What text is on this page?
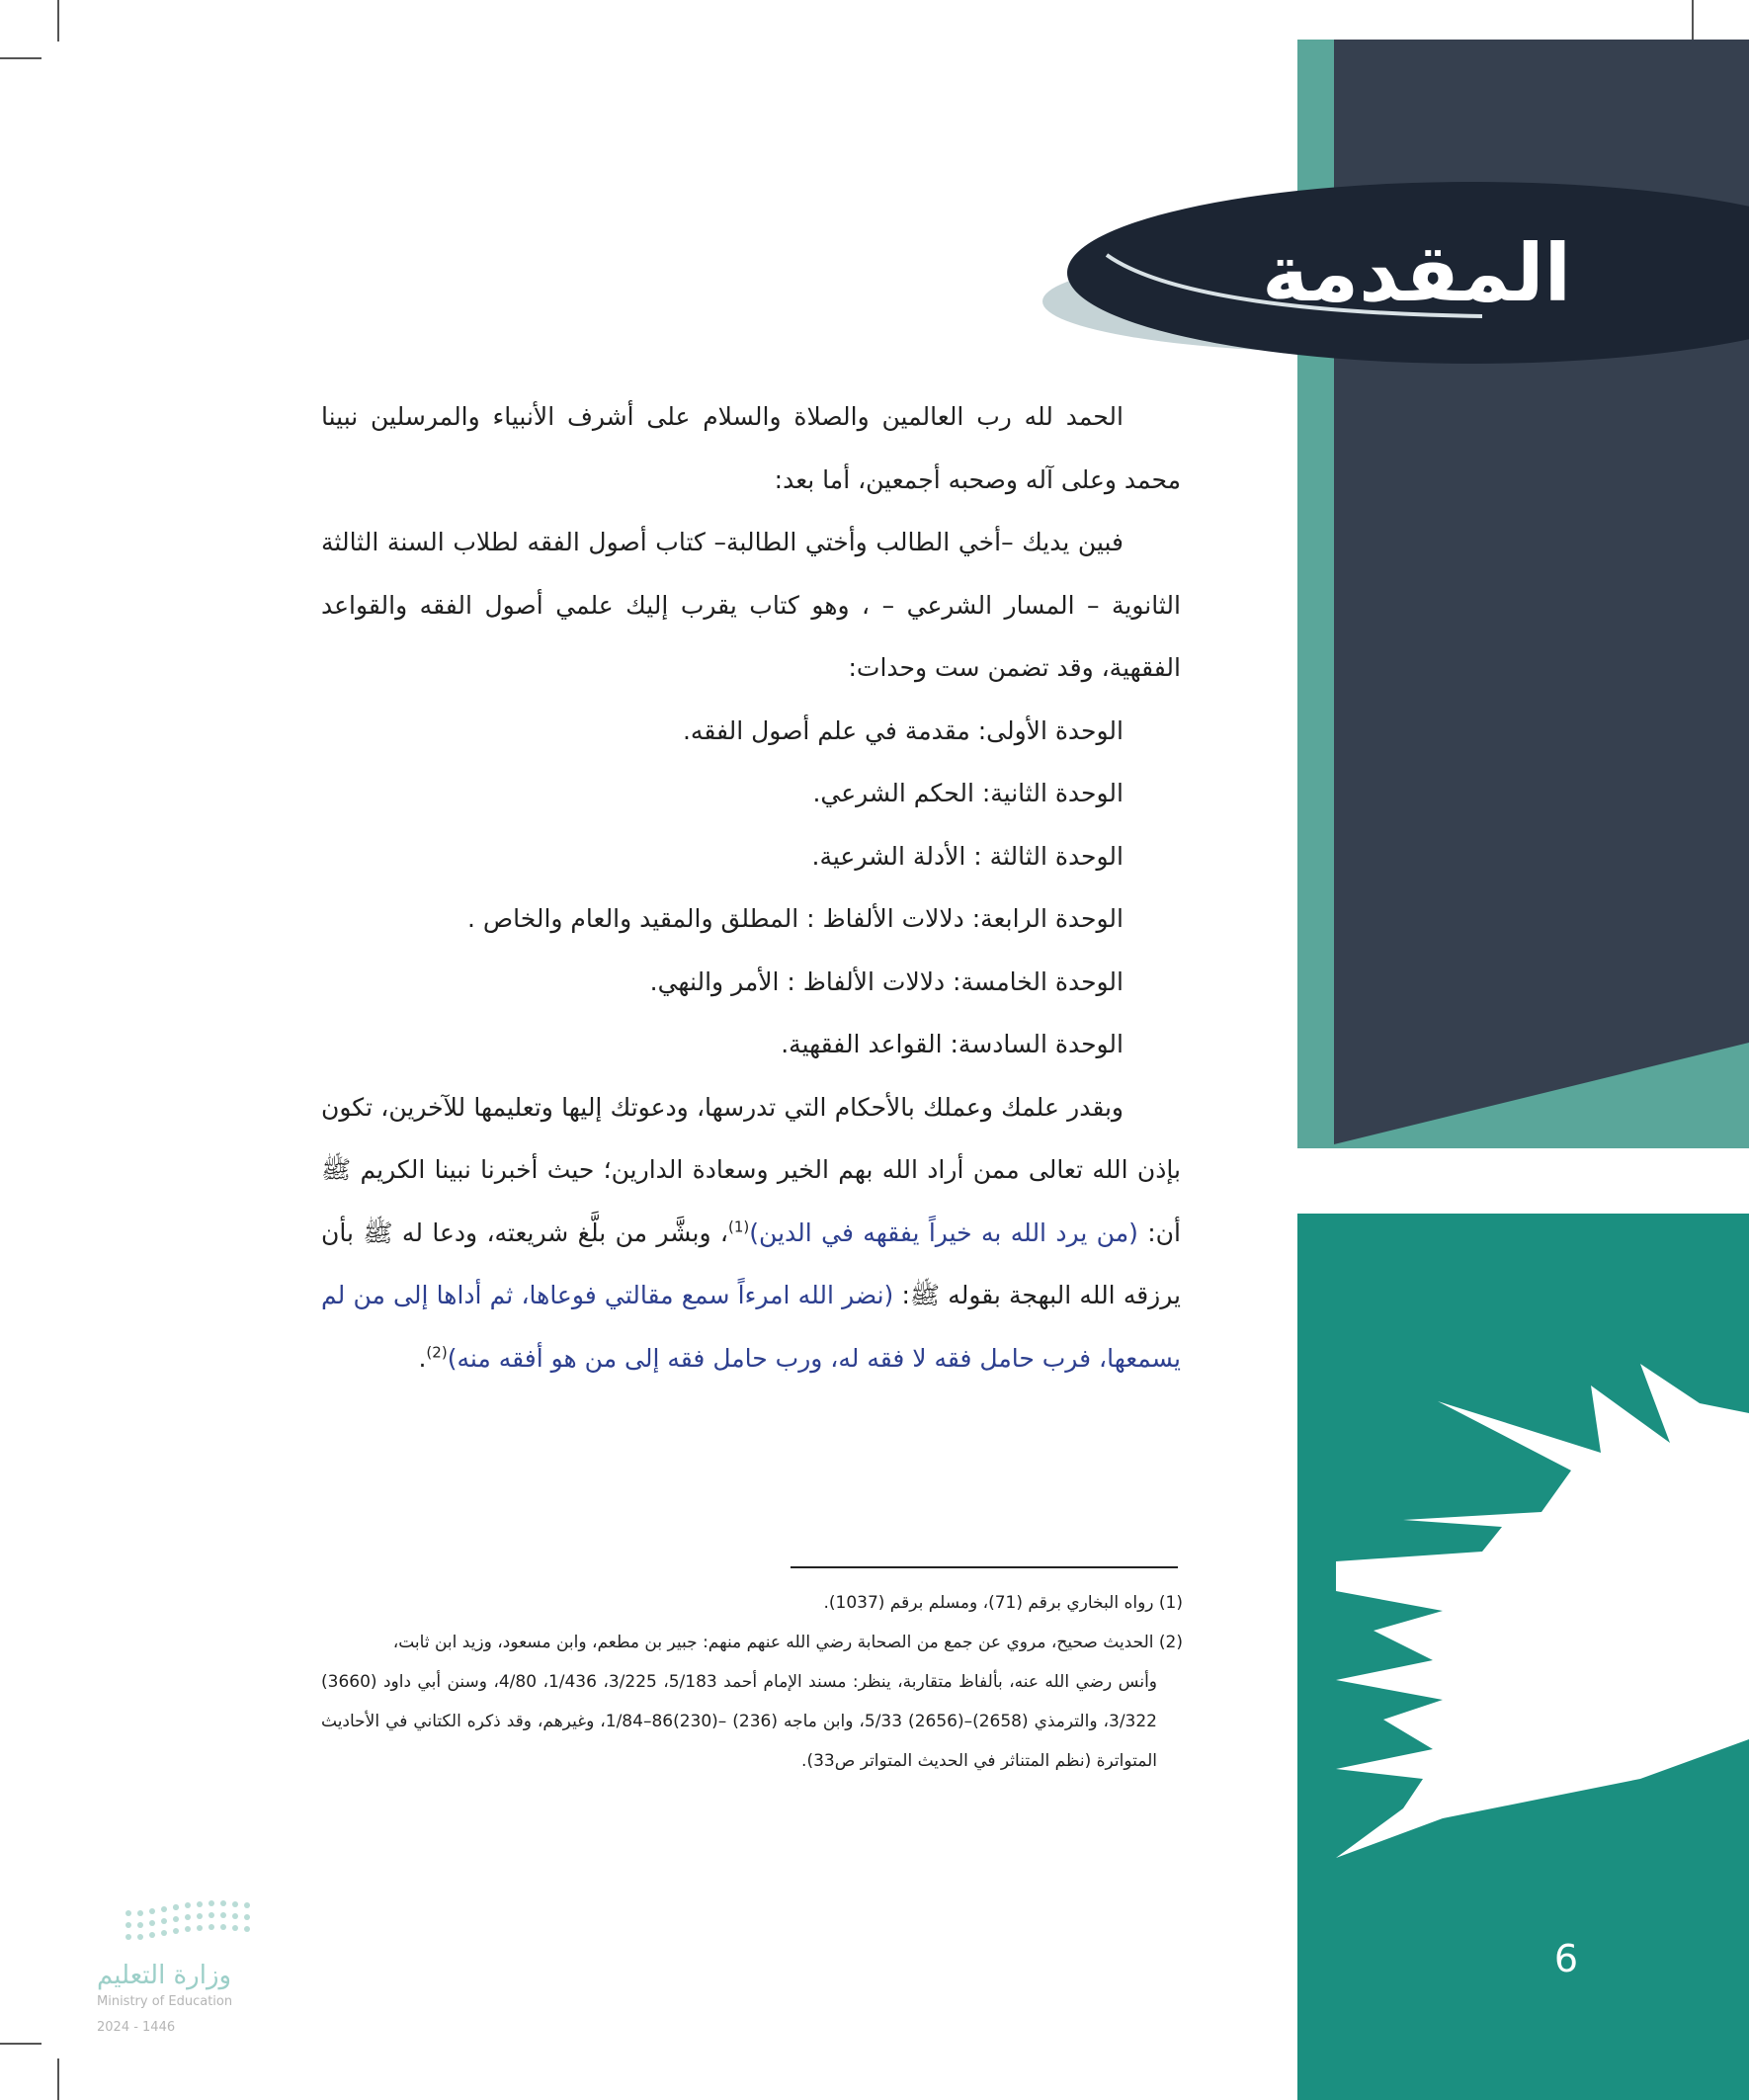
المقدمة
6

الحمد لله رب العالمين والصلاة والسلام على أشرف الأنبياء والمرسلين نبينا محمد وعلى آله وصحبه أجمعين، أما بعد:

فبين يديك –أخي الطالب وأختي الطالبة– كتاب أصول الفقه لطلاب السنة الثالثة الثانوية – المسار الشرعي – ، وهو كتاب يقرب إليك علمي أصول الفقه والقواعد الفقهية، وقد تضمن ست وحدات:

الوحدة الأولى: مقدمة في علم أصول الفقه.

الوحدة الثانية: الحكم الشرعي.

الوحدة الثالثة : الأدلة الشرعية.

الوحدة الرابعة: دلالات الألفاظ : المطلق والمقيد والعام والخاص .

الوحدة الخامسة: دلالات الألفاظ : الأمر والنهي.

الوحدة السادسة: القواعد الفقهية.

وبقدر علمك وعملك بالأحكام التي تدرسها، ودعوتك إليها وتعليمها للآخرين، تكون بإذن الله تعالى ممن أراد الله بهم الخير وسعادة الدارين؛ حيث أخبرنا نبينا الكريم ﷺ أن: (من يرد الله به خيراً يفقهه في الدين)$^{(1)}$، وبشَّر من بلَّغ شريعته، ودعا له ﷺ بأن يرزقه الله البهجة بقوله ﷺ: (نضر الله امرءاً سمع مقالتي فوعاها، ثم أداها إلى من لم يسمعها، فرب حامل فقه لا فقه له، ورب حامل فقه إلى من هو أفقه منه)$^{(2)}$.

(1) رواه البخاري برقم (71)، ومسلم برقم (1037).

(2) الحديث صحيح، مروي عن جمع من الصحابة رضي الله عنهم منهم: جبير بن مطعم، وابن مسعود، وزيد ابن ثابت،

وأنس رضي الله عنه، بألفاظ متقاربة، ينظر: مسند الإمام أحمد 5/183، 3/225، 1/436، 4/80، وسنن أبي داود (3660) 3/322، والترمذي (2658)–(2656) 5/33، وابن ماجه (236) –(230)86–1/84، وغيرهم، وقد ذكره الكتاني في الأحاديث المتواترة (نظم المتناثر في الحديث المتواتر ص33).

وزارة التعليم
Ministry of Education
2024 - 1446
